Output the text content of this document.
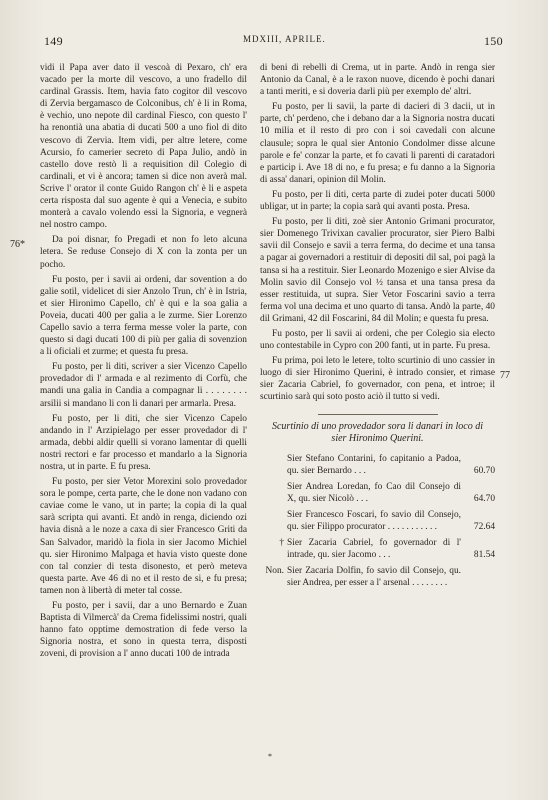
149	MDXIII, APRILE.	150
76*
77

vidi il Papa aver dato il vescoà di Pexaro, ch' era vacado per la morte dil vescovo, a uno fradello dil cardinal Grassis. Item, havia fato cogitor dil vescovo di Zervia bergamasco de Colconibus, ch' è li in Roma, è vechio, uno nepote dil cardinal Fiesco, con questo l' ha renontià una abatia di ducati 500 a uno fiol di dito vescovo di Zervia. Item vidi, per altre letere, come Acursio, fo camerier secreto di Papa Julio, andò in castello dove restò li a requisition dil Colegio di cardinali, et vi è ancora; tamen si dice non averà mal. Scrive l' orator il conte Guido Rangon ch' è li e aspeta certa risposta dal suo agente è qui a Venecia, e subito monterà a cavalo volendo essi la Signoria, e vegnerà nel nostro campo.

Da poi disnar, fo Pregadi et non fo leto alcuna letera. Se reduse Consejo di X con la zonta per un pocho.

Fu posto, per i savii ai ordeni, dar sovention a do galie sotil, videlicet di sier Anzolo Trun, ch' è in Istria, et sier Hironimo Capello, ch' è qui e la soa galia a Poveia, ducati 400 per galia a le zurme. Sier Lorenzo Capello savio a terra ferma messe voler la parte, con questo si dagi ducati 100 di più per galia di sovenzion a li oficiali et zurme; et questa fu presa.

Fu posto, per li diti, scriver a sier Vicenzo Capello provedador di l' armada e al rezimento di Corfù, che mandi una galia in Candia a compagnar li . . . . . . . . arsilii si mandano li con li danari per armarla. Presa.

Fu posto, per li diti, che sier Vicenzo Capelo andando in l' Arzipielago per esser provedador di l' armada, debbi aldir quelli si vorano lamentar di quelli nostri rectori e far processo et mandarlo a la Signoria nostra, ut in parte. E fu presa.

Fu posto, per sier Vetor Morexini solo provedador sora le pompe, certa parte, che le done non vadano con caviae come le vano, ut in parte; la copia di la qual sarà scripta qui avanti. Et andò in renga, diciendo ozi havia disnà a le noze a caxa di sier Francesco Griti da San Salvador, maridò la fiola in sier Jacomo Michiel qu. sier Hironimo Malpaga et havia visto queste done con tal conzier di testa disonesto, et però meteva questa parte. Ave 46 di no et il resto de si, e fu presa; tamen non à libertà di meter tal cosse.

Fu posto, per i savii, dar a uno Bernardo e Zuan Baptista di Vilmercà' da Crema fidelissimi nostri, quali hanno fato opptime demostration di fede verso la Signoria nostra, et sono in questa terra, disposti zoveni, di provision a l' anno ducati 100 de intrada

di beni di rebelli di Crema, ut in parte. Andò in renga sier Antonio da Canal, è a le raxon nuove, dicendo è pochi danari a tanti meriti, e si doveria darli più per exemplo de' altri.

Fu posto, per li savii, la parte di dacieri di 3 dacii, ut in parte, ch' perdeno, che i debano dar a la Signoria nostra ducati 10 milia et il resto di pro con i soi cavedali con alcune clausule; sopra le qual sier Antonio Condolmer disse alcune parole e fe' conzar la parte, et fo cavati li parenti di caratadori e particip i. Ave 18 di no, e fu presa; e fu danno a la Signoria di assa' danari, opinion dil Molin.

Fu posto, per li diti, certa parte di zudei poter ducati 5000 ubligar, ut in parte; la copia sarà qui avanti posta. Presa.

Fu posto, per li diti, zoè sier Antonio Grimani procurator, sier Domenego Trivixan cavalier procurator, sier Piero Balbi savii dil Consejo e savii a terra ferma, do decime et una tansa a pagar ai governadori a restituir di depositi dil sal, poi pagà la tansa si ha a restituir. Sier Leonardo Mozenigo e sier Alvise da Molin savio dil Consejo vol ½ tansa et una tansa presa da esser restituida, ut supra. Sier Vetor Foscarini savio a terra ferma vol una decima et uno quarto di tansa. Andò la parte, 40 dil Grimani, 42 dil Foscarini, 84 dil Molin; e questa fu presa.

Fu posto, per li savii ai ordeni, che per Colegio sia electo uno contestabile in Cypro con 200 fanti, ut in parte. Fu presa.

Fu prima, poi leto le letere, tolto scurtinio di uno cassier in luogo di sier Hironimo Querini, è intrado consier, et rimase sier Zacaria Cabriel, fo governador, con pena, et introe; il scurtinio sarà qui soto posto aciò il tutto si vedi.

Scurtinio di uno provedador sora li danari in loco di sier Hironimo Querini.
Sier Stefano Contarini, fo capitanio a Padoa, qu. sier Bernardo . . .	60.70
Sier Andrea Loredan, fo Cao dil Consejo di X, qu. sier Nicolò . . .	64.70
Sier Francesco Foscari, fo savio dil Consejo, qu. sier Filippo procurator . . . . . . . . . . .	72.64
† Sier Zacaria Cabriel, fo governador di l' intrade, qu. sier Jacomo . . .	81.54
Non. Sier Zacaria Dolfin, fo savio dil Consejo, qu. sier Andrea, per esser a l' arsenal . . . . . . . .
*
